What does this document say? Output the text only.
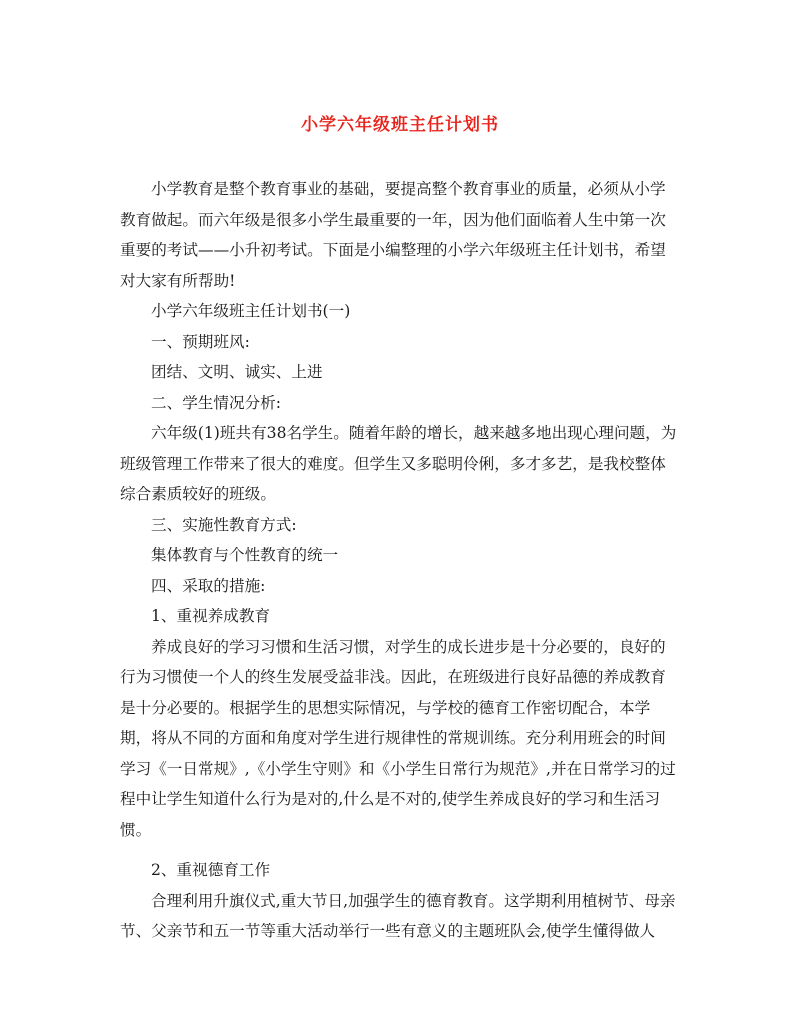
小学六年级班主任计划书

小学教育是整个教育事业的基础，要提高整个教育事业的质量，必须从小学教育做起。而六年级是很多小学生最重要的一年，因为他们面临着人生中第一次重要的考试——小升初考试。下面是小编整理的小学六年级班主任计划书，希望对大家有所帮助!

小学六年级班主任计划书(一)

一、预期班风:

团结、文明、诚实、上进

二、学生情况分析:

六年级(1)班共有38名学生。随着年龄的增长，越来越多地出现心理问题，为班级管理工作带来了很大的难度。但学生又多聪明伶俐，多才多艺，是我校整体综合素质较好的班级。

三、实施性教育方式:

集体教育与个性教育的统一

四、采取的措施:

1、重视养成教育

养成良好的学习习惯和生活习惯，对学生的成长进步是十分必要的，良好的行为习惯使一个人的终生发展受益非浅。因此，在班级进行良好品德的养成教育是十分必要的。根据学生的思想实际情况，与学校的德育工作密切配合，本学期，将从不同的方面和角度对学生进行规律性的常规训练。充分利用班会的时间学习《一日常规》,《小学生守则》和《小学生日常行为规范》,并在日常学习的过程中让学生知道什么行为是对的,什么是不对的,使学生养成良好的学习和生活习惯。

2、重视德育工作

合理利用升旗仪式,重大节日,加强学生的德育教育。这学期利用植树节、母亲节、父亲节和五一节等重大活动举行一些有意义的主题班队会,使学生懂得做人
